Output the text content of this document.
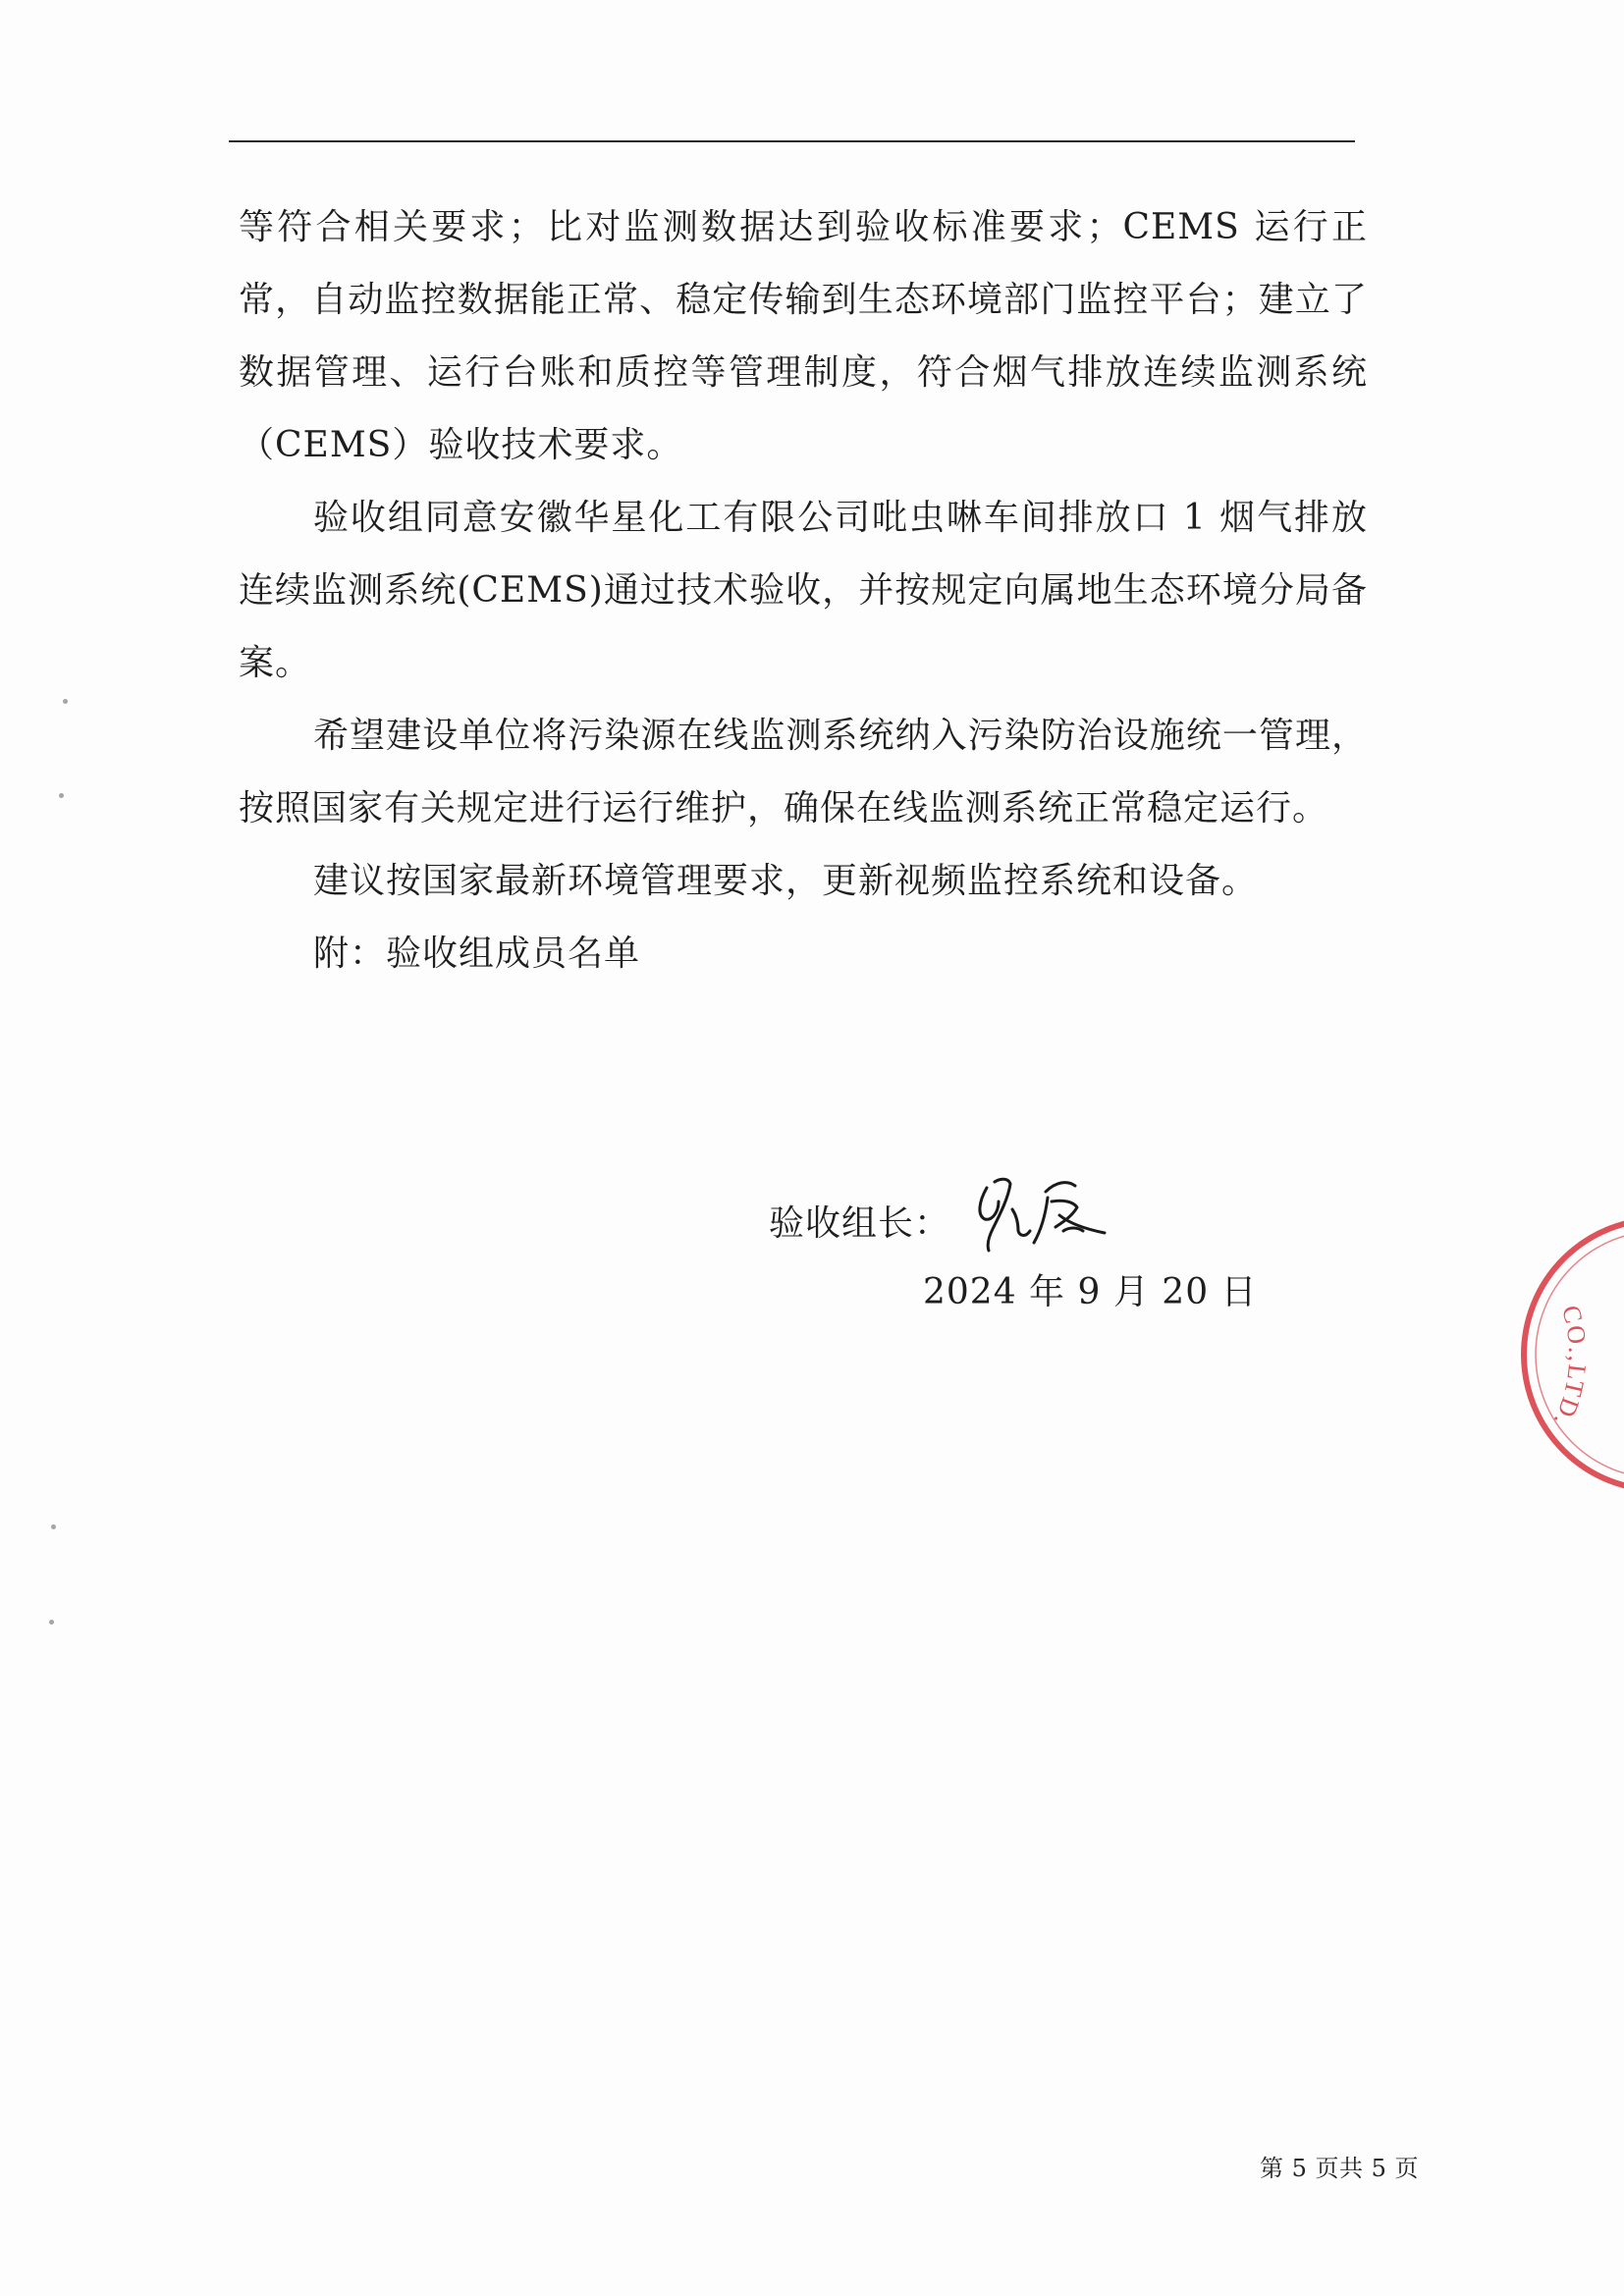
等符合相关要求；比对监测数据达到验收标准要求；CEMS 运行正常，自动监控数据能正常、稳定传输到生态环境部门监控平台；建立了数据管理、运行台账和质控等管理制度，符合烟气排放连续监测系统（CEMS）验收技术要求。

验收组同意安徽华星化工有限公司吡虫啉车间排放口 1 烟气排放连续监测系统(CEMS)通过技术验收，并按规定向属地生态环境分局备案。

希望建设单位将污染源在线监测系统纳入污染防治设施统一管理，按照国家有关规定进行运行维护，确保在线监测系统正常稳定运行。

建议按国家最新环境管理要求，更新视频监控系统和设备。

附：验收组成员名单

验收组长：
2024 年 9 月 20 日
CO.,LTD.
第 5 页共 5 页
